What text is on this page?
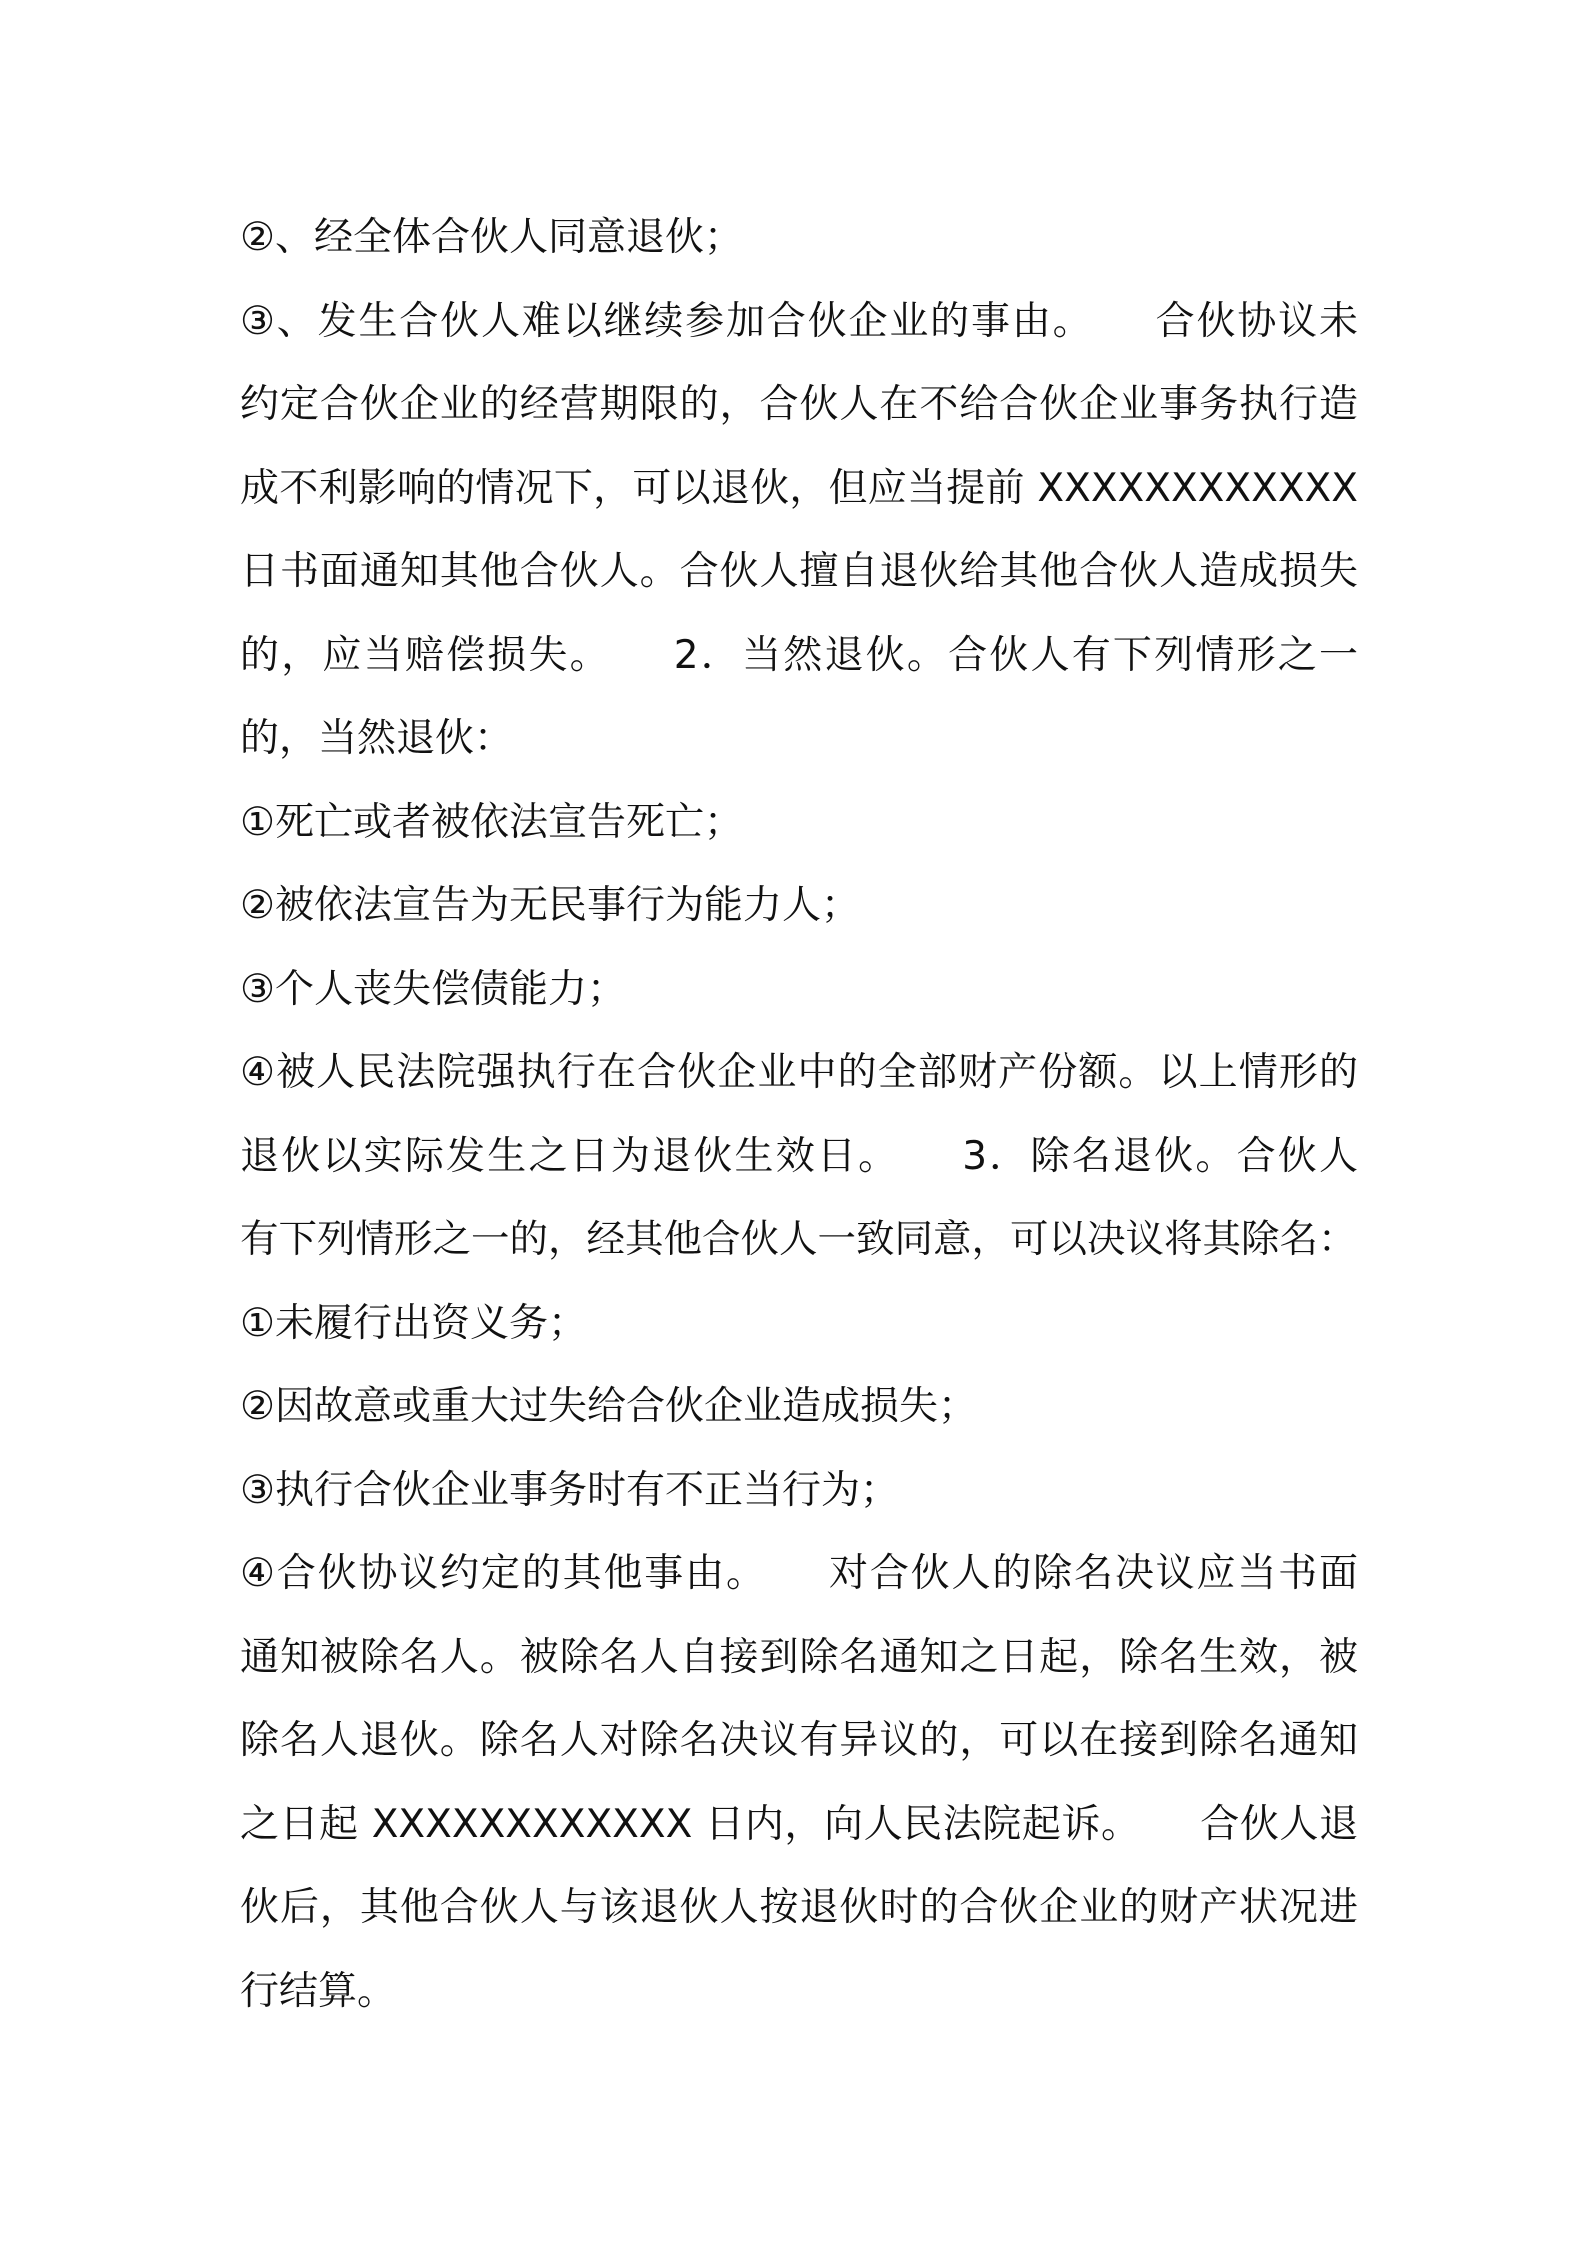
②、经全体合伙人同意退伙；
③、发生合伙人难以继续参加合伙企业的事由。　　合伙协议未
约定合伙企业的经营期限的，合伙人在不给合伙企业事务执行造
成不利影响的情况下，可以退伙，但应当提前 XXXXXXXXXXXX
日书面通知其他合伙人。合伙人擅自退伙给其他合伙人造成损失
的，应当赔偿损失。　　2．当然退伙。合伙人有下列情形之一
的，当然退伙：
①死亡或者被依法宣告死亡；
②被依法宣告为无民事行为能力人；
③个人丧失偿债能力；
④被人民法院强执行在合伙企业中的全部财产份额。以上情形的
退伙以实际发生之日为退伙生效日。　　3．除名退伙。合伙人
有下列情形之一的，经其他合伙人一致同意，可以决议将其除名：
①未履行出资义务；
②因故意或重大过失给合伙企业造成损失；
③执行合伙企业事务时有不正当行为；
④合伙协议约定的其他事由。　　对合伙人的除名决议应当书面
通知被除名人。被除名人自接到除名通知之日起，除名生效，被
除名人退伙。除名人对除名决议有异议的，可以在接到除名通知
之日起 XXXXXXXXXXXX 日内，向人民法院起诉。　　合伙人退
伙后，其他合伙人与该退伙人按退伙时的合伙企业的财产状况进
行结算。
